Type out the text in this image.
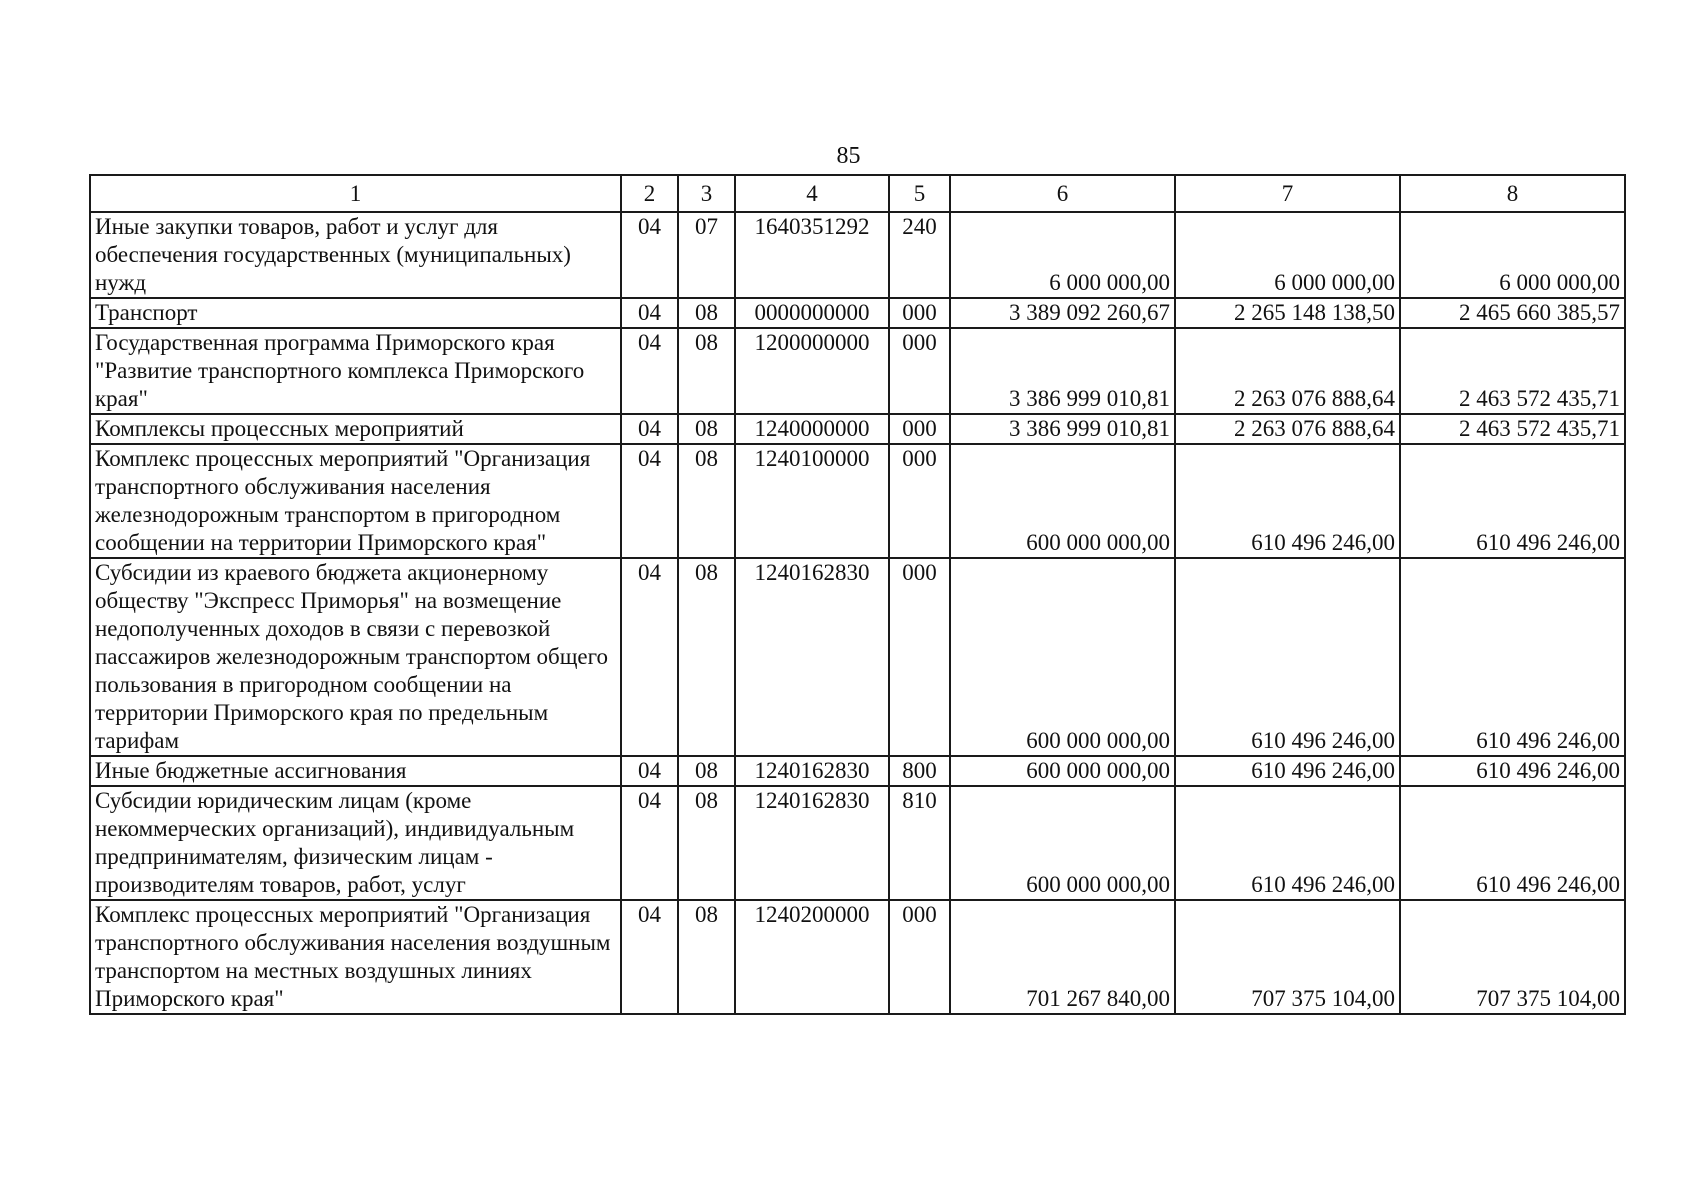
85
1	2	3	4	5	6	7	8
Иные закупки товаров, работ и услуг для обеспечения государственных (муниципальных) нужд	04	07	1640351292	240	6 000 000,00	6 000 000,00	6 000 000,00
Транспорт	04	08	0000000000	000	3 389 092 260,67	2 265 148 138,50	2 465 660 385,57
Государственная программа Приморского края "Развитие транспортного комплекса Приморского края"	04	08	1200000000	000	3 386 999 010,81	2 263 076 888,64	2 463 572 435,71
Комплексы процессных мероприятий	04	08	1240000000	000	3 386 999 010,81	2 263 076 888,64	2 463 572 435,71
Комплекс процессных мероприятий "Организация транспортного обслуживания населения железнодорожным транспортом в пригородном сообщении на территории Приморского края"	04	08	1240100000	000	600 000 000,00	610 496 246,00	610 496 246,00
Субсидии из краевого бюджета акционерному обществу "Экспресс Приморья" на возмещение недополученных доходов в связи с перевозкой пассажиров железнодорожным транспортом общего пользования в пригородном сообщении на территории Приморского края по предельным тарифам	04	08	1240162830	000	600 000 000,00	610 496 246,00	610 496 246,00
Иные бюджетные ассигнования	04	08	1240162830	800	600 000 000,00	610 496 246,00	610 496 246,00
Субсидии юридическим лицам (кроме некоммерческих организаций), индивидуальным предпринимателям, физическим лицам - производителям товаров, работ, услуг	04	08	1240162830	810	600 000 000,00	610 496 246,00	610 496 246,00
Комплекс процессных мероприятий "Организация транспортного обслуживания населения воздушным транспортом на местных воздушных линиях Приморского края"	04	08	1240200000	000	701 267 840,00	707 375 104,00	707 375 104,00
